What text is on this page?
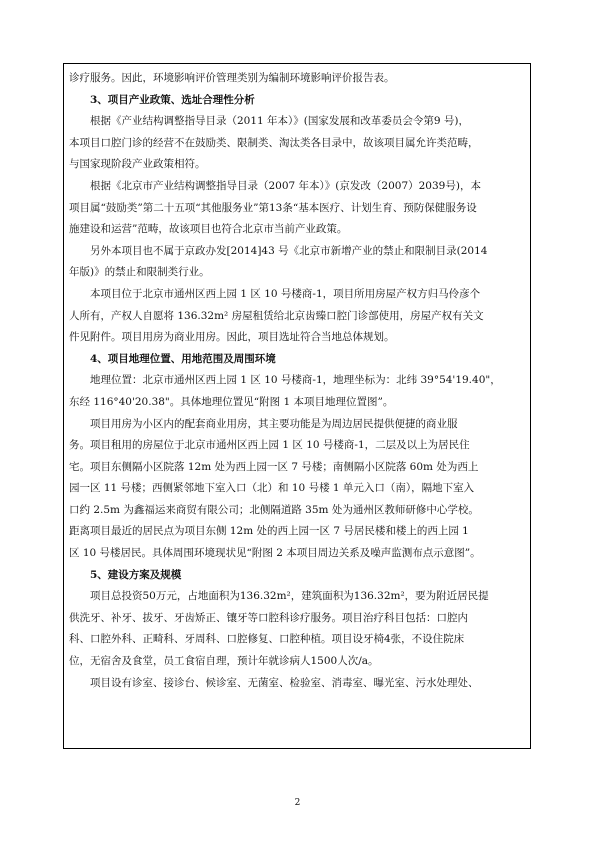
诊疗服务。因此，环境影响评价管理类别为编制环境影响评价报告表。
3、项目产业政策、选址合理性分析
根据《产业结构调整指导目录（2011 年本）》(国家发展和改革委员会令第9 号)，
本项目口腔门诊的经营不在鼓励类、限制类、淘汰类各目录中，故该项目属允许类范畴，
与国家现阶段产业政策相符。
根据《北京市产业结构调整指导目录（2007 年本）》(京发改（2007）2039号)，本
项目属“鼓励类”第二十五项“其他服务业”第13条“基本医疗、计划生育、预防保健服务设
施建设和运营”范畴，故该项目也符合北京市当前产业政策。
另外本项目也不属于京政办发[2014]43 号《北京市新增产业的禁止和限制目录(2014
年版)》的禁止和限制类行业。
本项目位于北京市通州区西上园 1 区 10 号楼商-1，项目所用房屋产权方归马伶彦个
人所有，产权人自愿将 136.32m² 房屋租赁给北京齿臻口腔门诊部使用，房屋产权有关文
件见附件。项目用房为商业用房。因此，项目选址符合当地总体规划。
4、项目地理位置、用地范围及周围环境
地理位置：北京市通州区西上园 1 区 10 号楼商-1，地理坐标为：北纬 39°54'19.40"，
东经 116°40'20.38"。具体地理位置见“附图 1 本项目地理位置图”。
项目用房为小区内的配套商业用房，其主要功能是为周边居民提供便捷的商业服
务。项目租用的房屋位于北京市通州区西上园 1 区 10 号楼商-1，二层及以上为居民住
宅。项目东侧隔小区院落 12m 处为西上园一区 7 号楼；南侧隔小区院落 60m 处为西上
园一区 11 号楼；西侧紧邻地下室入口（北）和 10 号楼 1 单元入口（南），隔地下室入
口约 2.5m 为鑫福运来商贸有限公司；北侧隔道路 35m 处为通州区教师研修中心学校。
距离项目最近的居民点为项目东侧 12m 处的西上园一区 7 号居民楼和楼上的西上园 1
区 10 号楼居民。具体周围环境现状见“附图 2 本项目周边关系及噪声监测布点示意图”。
5、建设方案及规模
项目总投资50万元，占地面积为136.32m²，建筑面积为136.32m²，要为附近居民提
供洗牙、补牙、拔牙、牙齿矫正、镶牙等口腔科诊疗服务。项目治疗科目包括：口腔内
科、口腔外科、正畸科、牙周科、口腔修复、口腔种植。项目设牙椅4张，不设住院床
位，无宿舍及食堂，员工食宿自理，预计年就诊病人1500人次/a。
项目设有诊室、接诊台、候诊室、无菌室、检验室、消毒室、曝光室、污水处理处、
2
